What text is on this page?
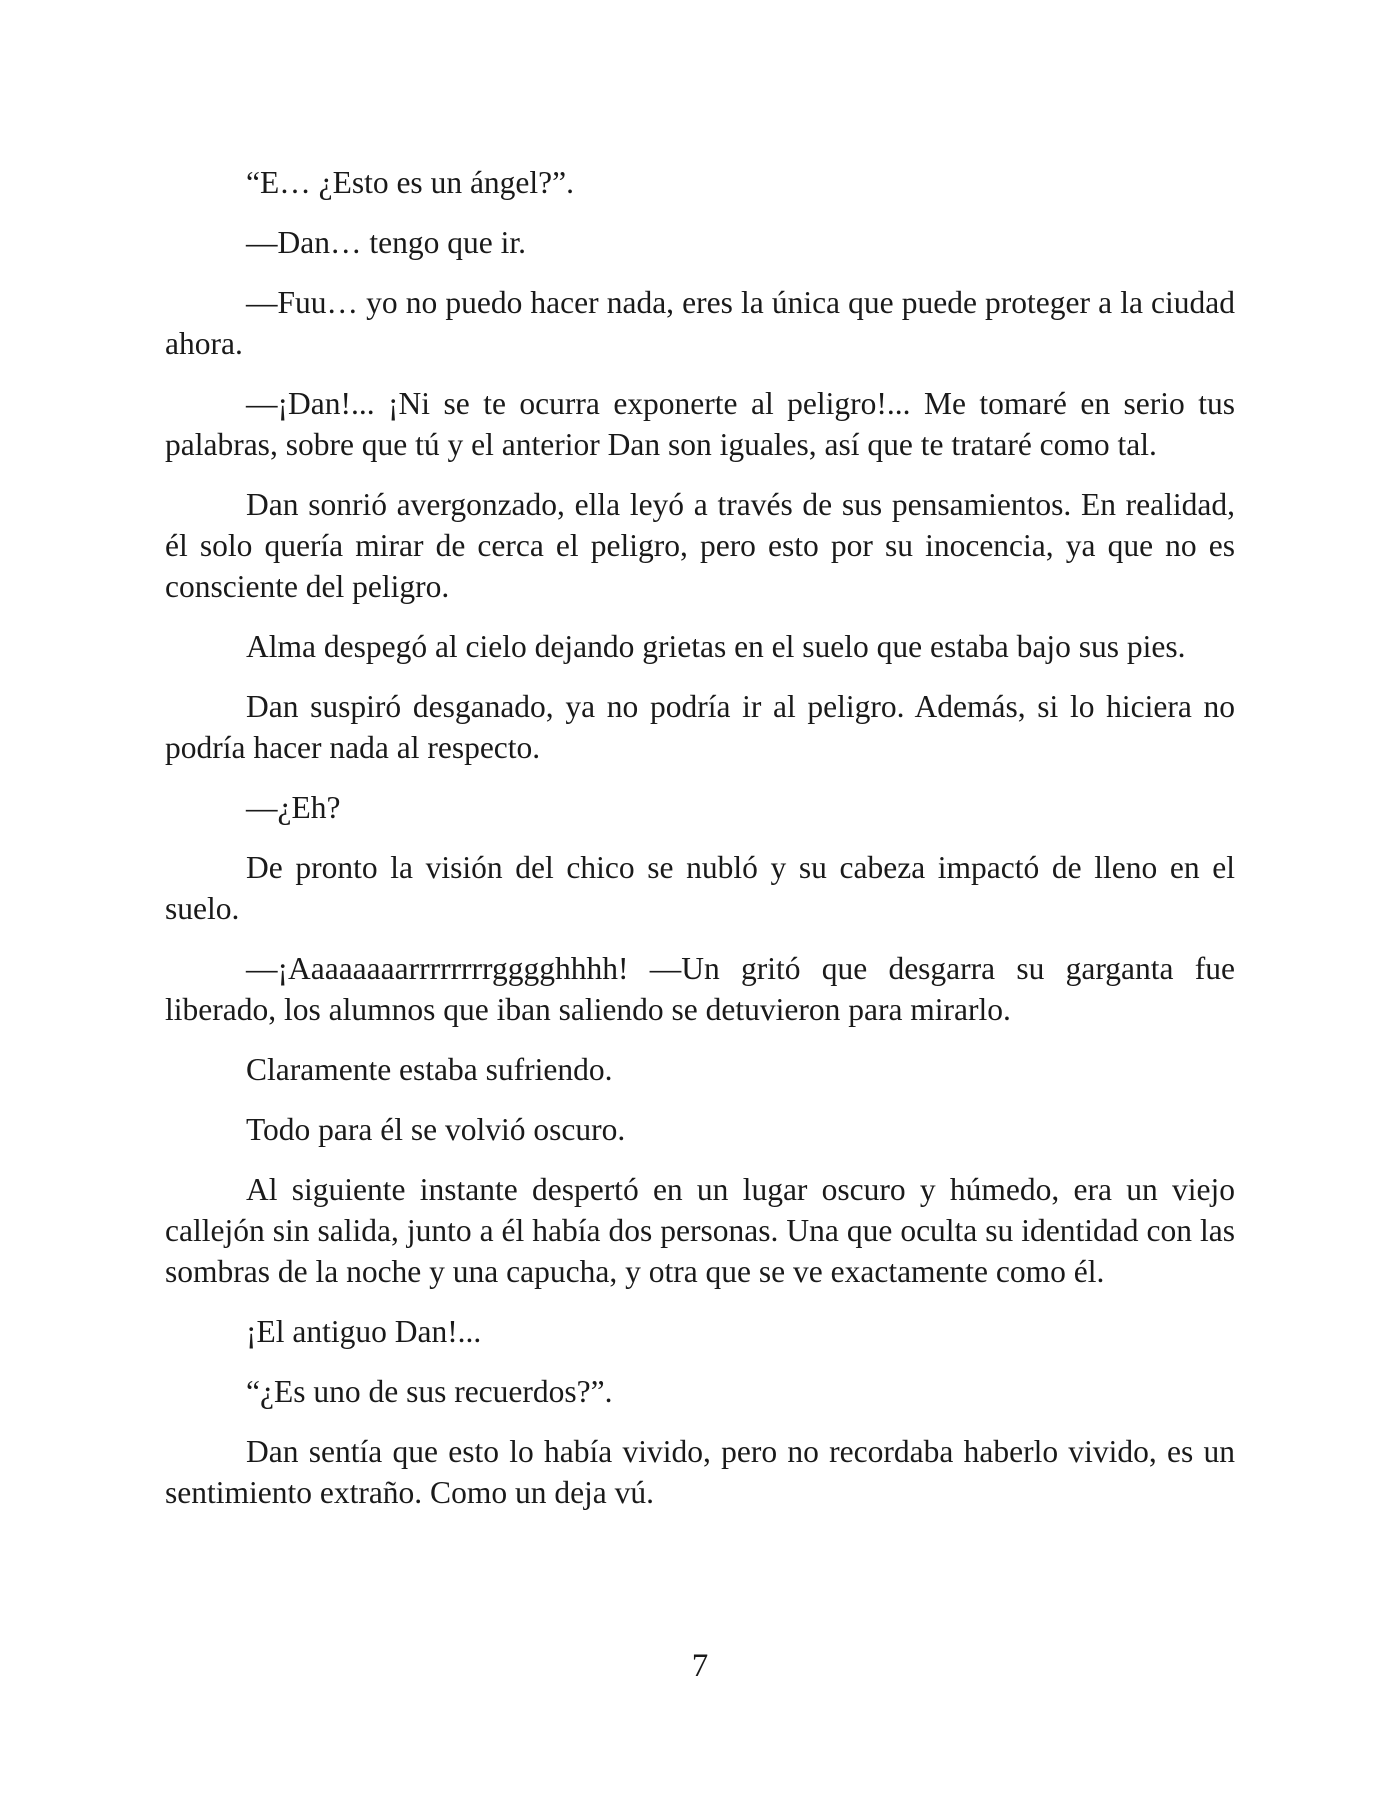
“E… ¿Esto es un ángel?”.

—Dan… tengo que ir.

—Fuu… yo no puedo hacer nada, eres la única que puede proteger a la ciudad ahora.

—¡Dan!... ¡Ni se te ocurra exponerte al peligro!... Me tomaré en serio tus palabras, sobre que tú y el anterior Dan son iguales, así que te trataré como tal.

Dan sonrió avergonzado, ella leyó a través de sus pensamientos. En realidad, él solo quería mirar de cerca el peligro, pero esto por su inocencia, ya que no es consciente del peligro.

Alma despegó al cielo dejando grietas en el suelo que estaba bajo sus pies.

Dan suspiró desganado, ya no podría ir al peligro. Además, si lo hiciera no podría hacer nada al respecto.

—¿Eh?

De pronto la visión del chico se nubló y su cabeza impactó de lleno en el suelo.

—¡Aaaaaaaarrrrrrrrgggghhhh! —Un gritó que desgarra su garganta fue liberado, los alumnos que iban saliendo se detuvieron para mirarlo.

Claramente estaba sufriendo.

Todo para él se volvió oscuro.

Al siguiente instante despertó en un lugar oscuro y húmedo, era un viejo callejón sin salida, junto a él había dos personas. Una que oculta su identidad con las sombras de la noche y una capucha, y otra que se ve exactamente como él.

¡El antiguo Dan!...

“¿Es uno de sus recuerdos?”.

Dan sentía que esto lo había vivido, pero no recordaba haberlo vivido, es un sentimiento extraño. Como un deja vú.

7
